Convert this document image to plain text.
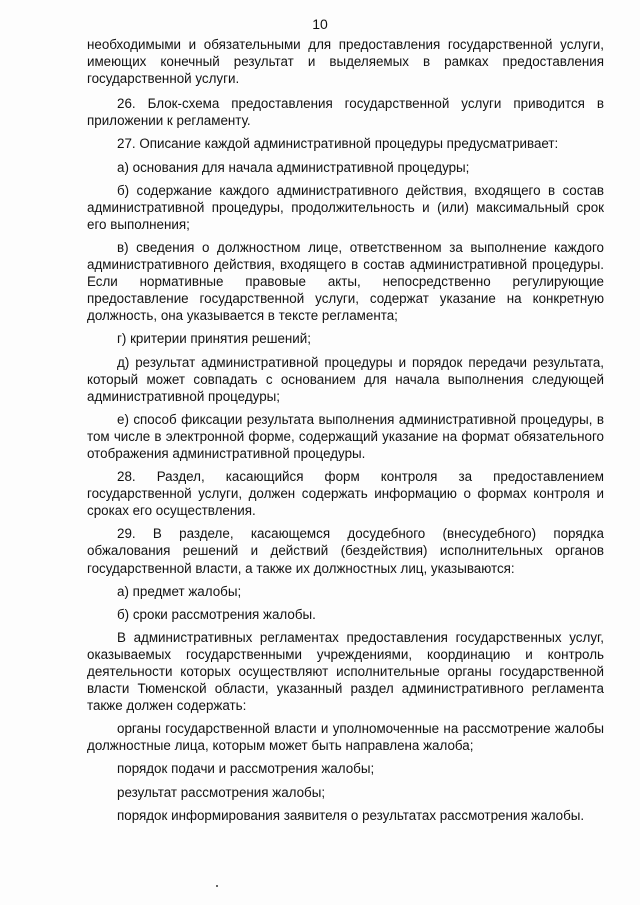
10

необходимыми и обязательными для предоставления государственной услуги, имеющих конечный результат и выделяемых в рамках предоставления государственной услуги.

26. Блок-схема предоставления государственной услуги приводится в приложении к регламенту.

27. Описание каждой административной процедуры предусматривает:

а) основания для начала административной процедуры;

б) содержание каждого административного действия, входящего в состав административной процедуры, продолжительность и (или) максимальный срок его выполнения;

в) сведения о должностном лице, ответственном за выполнение каждого административного действия, входящего в состав административной процедуры. Если нормативные правовые акты, непосредственно регулирующие предоставление государственной услуги, содержат указание на конкретную должность, она указывается в тексте регламента;

г) критерии принятия решений;

д) результат административной процедуры и порядок передачи результата, который может совпадать с основанием для начала выполнения следующей административной процедуры;

е) способ фиксации результата выполнения административной процедуры, в том числе в электронной форме, содержащий указание на формат обязательного отображения административной процедуры.

28. Раздел, касающийся форм контроля за предоставлением государственной услуги, должен содержать информацию о формах контроля и сроках его осуществления.

29. В разделе, касающемся досудебного (внесудебного) порядка обжалования решений и действий (бездействия) исполнительных органов государственной власти, а также их должностных лиц, указываются:

а) предмет жалобы;

б) сроки рассмотрения жалобы.

В административных регламентах предоставления государственных услуг, оказываемых государственными учреждениями, координацию и контроль деятельности которых осуществляют исполнительные органы государственной власти Тюменской области, указанный раздел административного регламента также должен содержать:

органы государственной власти и уполномоченные на рассмотрение жалобы должностные лица, которым может быть направлена жалоба;

порядок подачи и рассмотрения жалобы;

результат рассмотрения жалобы;

порядок информирования заявителя о результатах рассмотрения жалобы.
